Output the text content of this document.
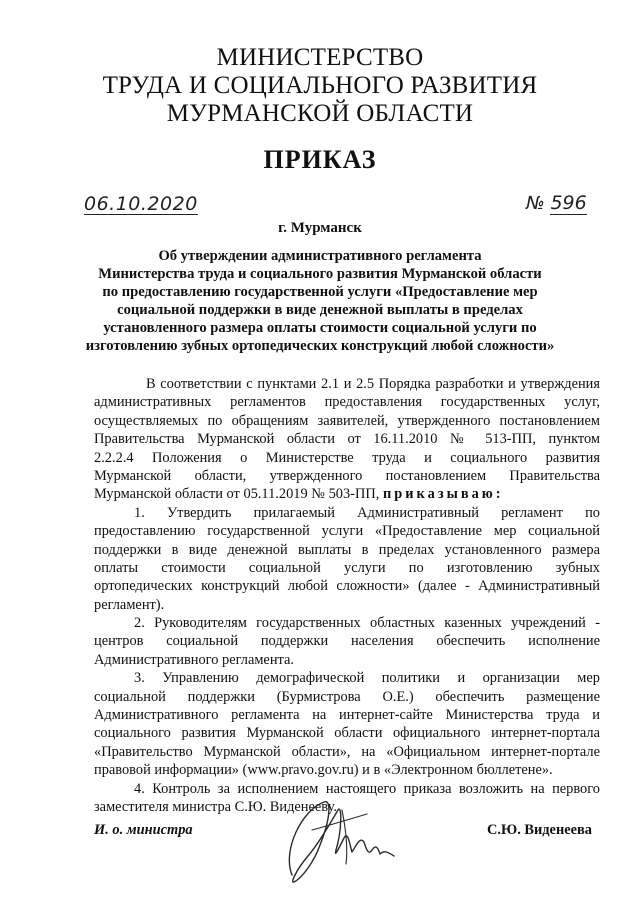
МИНИСТЕРСТВО
ТРУДА И СОЦИАЛЬНОГО РАЗВИТИЯ
МУРМАНСКОЙ ОБЛАСТИ
ПРИКАЗ
06.10.2020	№ 596
г. Мурманск
Об утверждении административного регламента
Министерства труда и социального развития Мурманской области
по предоставлению государственной услуги «Предоставление мер
социальной поддержки в виде денежной выплаты в пределах
установленного размера оплаты стоимости социальной услуги по
изготовлению зубных ортопедических конструкций любой сложности»
В соответствии с пунктами 2.1 и 2.5 Порядка разработки и утверждения
административных регламентов предоставления государственных услуг,
осуществляемых по обращениям заявителей, утвержденного постановлением
Правительства Мурманской области от 16.11.2010 № 513-ПП, пунктом
2.2.2.4 Положения о Министерстве труда и социального развития
Мурманской области, утвержденного постановлением Правительства
Мурманской области от 05.11.2019 № 503-ПП, приказываю:
1. Утвердить прилагаемый Административный регламент по
предоставлению государственной услуги «Предоставление мер социальной
поддержки в виде денежной выплаты в пределах установленного размера
оплаты стоимости социальной услуги по изготовлению зубных
ортопедических конструкций любой сложности» (далее - Административный
регламент).
2. Руководителям государственных областных казенных учреждений -
центров социальной поддержки населения обеспечить исполнение
Административного регламента.
3. Управлению демографической политики и организации мер
социальной поддержки (Бурмистрова О.Е.) обеспечить размещение
Административного регламента на интернет-сайте Министерства труда и
социального развития Мурманской области официального интернет-портала
«Правительство Мурманской области», на «Официальном интернет-портале
правовой информации» (www.pravo.gov.ru) и в «Электронном бюллетене».
4. Контроль за исполнением настоящего приказа возложить на первого
заместителя министра С.Ю. Виденееву.
И. о. министра	С.Ю. Виденеева
